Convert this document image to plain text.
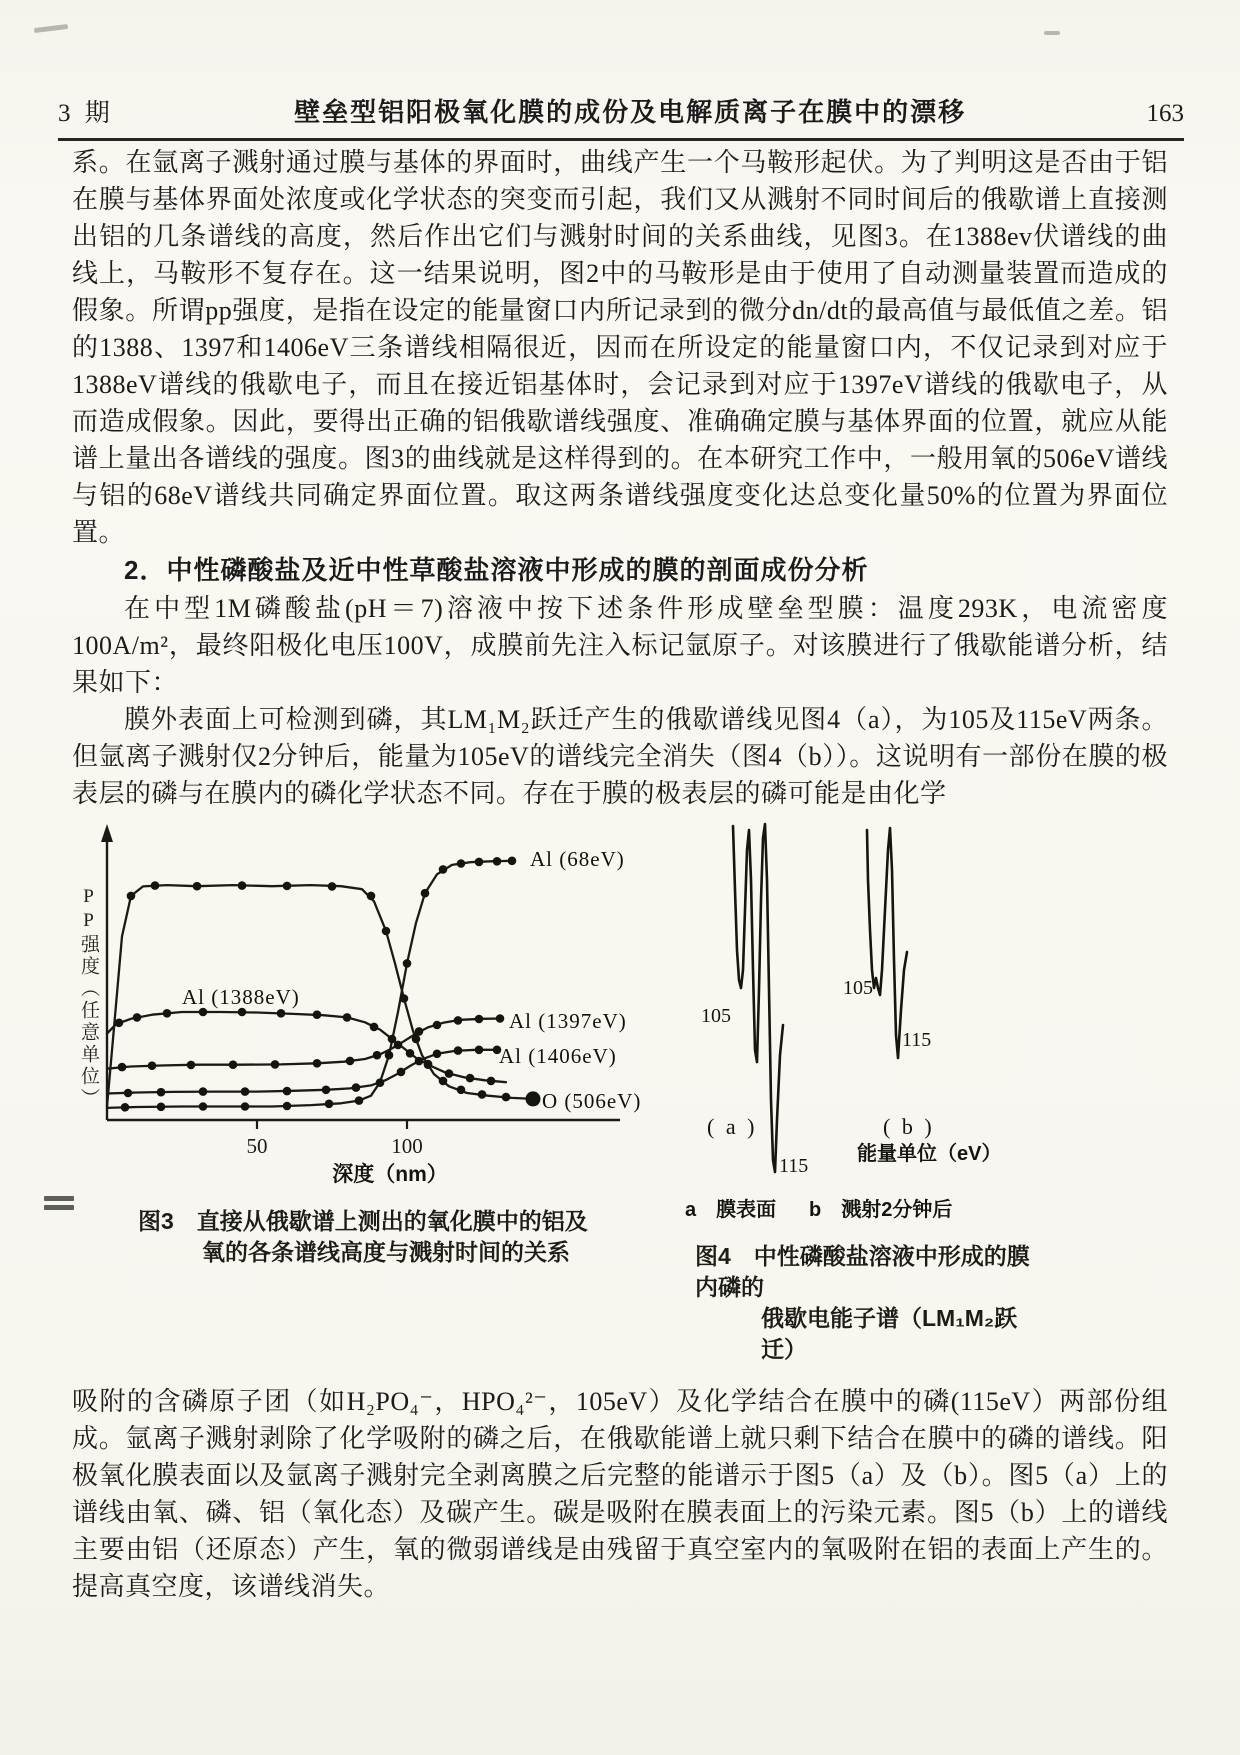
3 期	壁垒型铝阳极氧化膜的成份及电解质离子在膜中的漂移	163

系。在氩离子溅射通过膜与基体的界面时，曲线产生一个马鞍形起伏。为了判明这是否由于铝在膜与基体界面处浓度或化学状态的突变而引起，我们又从溅射不同时间后的俄歇谱上直接测出铝的几条谱线的高度，然后作出它们与溅射时间的关系曲线，见图3。在1388ev伏谱线的曲线上，马鞍形不复存在。这一结果说明，图2中的马鞍形是由于使用了自动测量装置而造成的假象。所谓pp强度，是指在设定的能量窗口内所记录到的微分dn/dt的最高值与最低值之差。铝的1388、1397和1406eV三条谱线相隔很近，因而在所设定的能量窗口内，不仅记录到对应于1388eV谱线的俄歇电子，而且在接近铝基体时，会记录到对应于1397eV谱线的俄歇电子，从而造成假象。因此，要得出正确的铝俄歇谱线强度、准确确定膜与基体界面的位置，就应从能谱上量出各谱线的强度。图3的曲线就是这样得到的。在本研究工作中，一般用氧的506eV谱线与铝的68eV谱线共同确定界面位置。取这两条谱线强度变化达总变化量50%的位置为界面位置。

2．中性磷酸盐及近中性草酸盐溶液中形成的膜的剖面成份分析

在中型1M磷酸盐(pH＝7)溶液中按下述条件形成壁垒型膜：温度293K，电流密度100A/m²，最终阳极化电压100V，成膜前先注入标记氩原子。对该膜进行了俄歇能谱分析，结果如下：

膜外表面上可检测到磷，其LM₁M₂跃迁产生的俄歇谱线见图4（a），为105及115eV两条。但氩离子溅射仅2分钟后，能量为105eV的谱线完全消失（图4（b））。这说明有一部份在膜的极表层的磷与在膜内的磷化学状态不同。存在于膜的极表层的磷可能是由化学

PP强度（任意单位）
50	100
深度（nm）
Al (68eV)
Al (1388eV)
Al (1397eV)
Al (1406eV)
O (506eV)
图3　直接从俄歇谱上测出的氧化膜中的铝及
氧的各条谱线高度与溅射时间的关系
105
115
105
115
( a )	( b )
能量单位（eV）
a　膜表面 b　溅射2分钟后
图4　中性磷酸盐溶液中形成的膜内磷的
俄歇电能子谱（LM₁M₂跃迁）

吸附的含磷原子团（如H₂PO₄⁻，HPO₄²⁻，105eV）及化学结合在膜中的磷(115eV）两部份组成。氩离子溅射剥除了化学吸附的磷之后，在俄歇能谱上就只剩下结合在膜中的磷的谱线。阳极氧化膜表面以及氩离子溅射完全剥离膜之后完整的能谱示于图5（a）及（b）。图5（a）上的谱线由氧、磷、铝（氧化态）及碳产生。碳是吸附在膜表面上的污染元素。图5（b）上的谱线主要由铝（还原态）产生，氧的微弱谱线是由残留于真空室内的氧吸附在铝的表面上产生的。提高真空度，该谱线消失。
